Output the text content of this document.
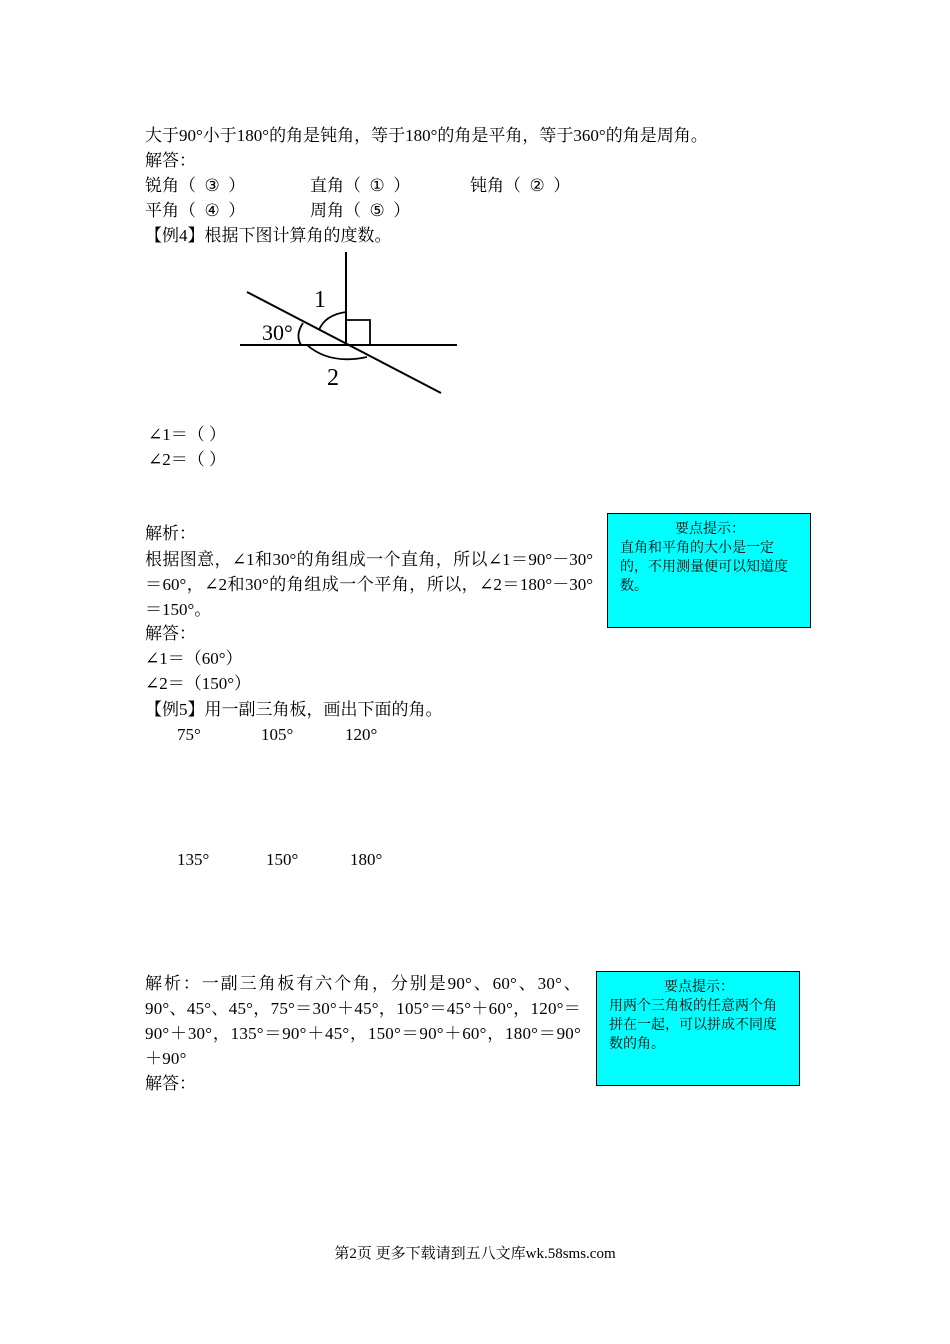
大于90°小于180°的角是钝角，等于180°的角是平角，等于360°的角是周角。
解答：
锐角（  ③  ）	直角（  ①  ）	钝角（  ②  ）
平角（  ④  ）	周角（  ⑤  ）
【例4】根据下图计算角的度数。
30°
1
2
∠1＝（ ）
∠2＝（ ）
解析：
根据图意，∠1和30°的角组成一个直角，所以∠1＝90°－30°＝60°，∠2和30°的角组成一个平角，所以，∠2＝180°－30°＝150°。
解答：
∠1＝（60°）
∠2＝（150°）
要点提示：
直角和平角的大小是一定的，不用测量便可以知道度数。
【例5】用一副三角板，画出下面的角。
75°	105°	120°
135°	150°	180°
解析：一副三角板有六个角，分别是90°、60°、30°、90°、45°、45°，75°＝30°＋45°，105°＝45°＋60°，120°＝90°＋30°，135°＝90°＋45°，150°＝90°＋60°，180°＝90°＋90°
解答：
要点提示：
用两个三角板的任意两个角拼在一起，可以拼成不同度数的角。
第2页 更多下载请到五八文库wk.58sms.com
